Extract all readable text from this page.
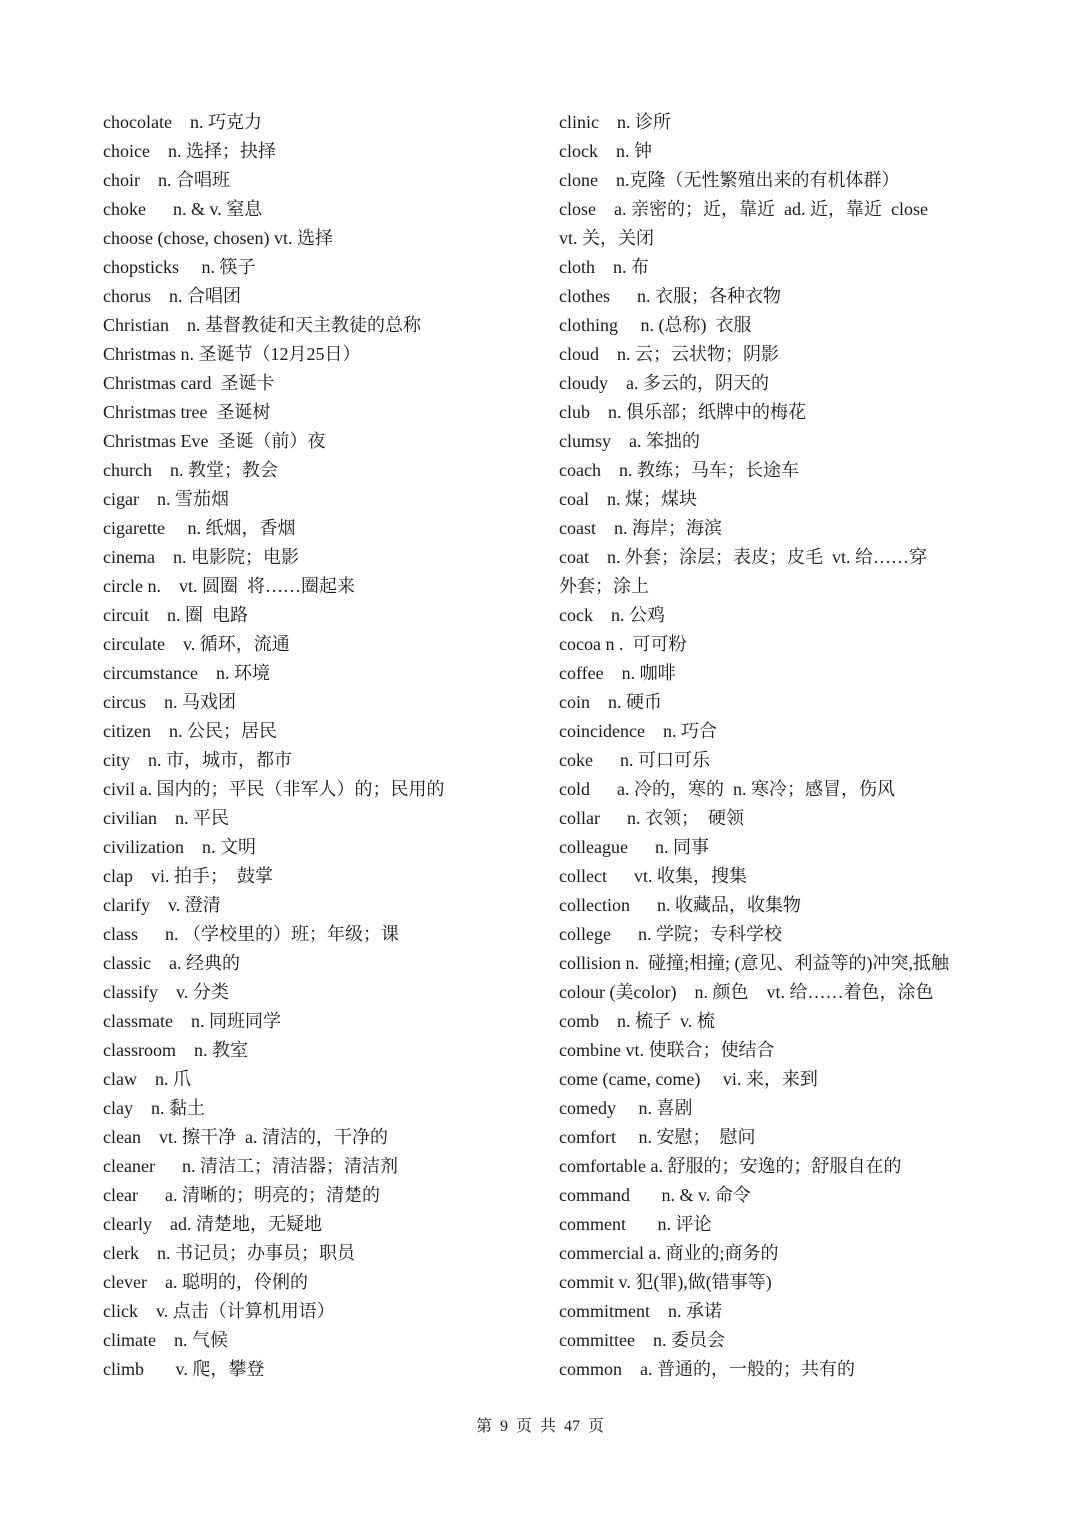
chocolate    n. 巧克力
choice    n. 选择；抉择
choir    n. 合唱班
choke      n. & v. 窒息
choose (chose, chosen) vt. 选择
chopsticks     n. 筷子
chorus    n. 合唱团
Christian    n. 基督教徒和天主教徒的总称
Christmas n. 圣诞节（12月25日）
Christmas card  圣诞卡
Christmas tree  圣诞树
Christmas Eve  圣诞（前）夜
church    n. 教堂；教会
cigar    n. 雪茄烟
cigarette     n. 纸烟，香烟
cinema    n. 电影院；电影
circle n.    vt. 圆圈  将……圈起来
circuit    n. 圈  电路
circulate    v. 循环，流通
circumstance    n. 环境
circus    n. 马戏团
citizen    n. 公民；居民
city    n. 市，城市，都市
civil a. 国内的；平民（非军人）的；民用的
civilian    n. 平民
civilization    n. 文明
clap    vi. 拍手；  鼓掌
clarify    v. 澄清
class      n. （学校里的）班；年级；课
classic    a. 经典的
classify    v. 分类
classmate    n. 同班同学
classroom    n. 教室
claw    n. 爪
clay    n. 黏土
clean    vt. 擦干净  a. 清洁的，干净的
cleaner      n. 清洁工；清洁器；清洁剂
clear      a. 清晰的；明亮的；清楚的
clearly    ad. 清楚地，无疑地
clerk    n. 书记员；办事员；职员
clever    a. 聪明的，伶俐的
click    v. 点击（计算机用语）
climate    n. 气候
climb       v. 爬，攀登
clinic    n. 诊所
clock    n. 钟
clone    n.克隆（无性繁殖出来的有机体群）
close    a. 亲密的；近，靠近  ad. 近，靠近  close
vt. 关，关闭
cloth    n. 布
clothes      n. 衣服；各种衣物
clothing     n. (总称)  衣服
cloud    n. 云；云状物；阴影
cloudy    a. 多云的，阴天的
club    n. 俱乐部；纸牌中的梅花
clumsy    a. 笨拙的
coach    n. 教练；马车；长途车
coal    n. 煤；煤块
coast    n. 海岸；海滨
coat    n. 外套；涂层；表皮；皮毛  vt. 给……穿
外套；涂上
cock    n. 公鸡
cocoa n .  可可粉
coffee    n. 咖啡
coin    n. 硬币
coincidence    n. 巧合
coke      n. 可口可乐
cold      a. 冷的，寒的  n. 寒冷；感冒，伤风
collar      n. 衣领；  硬领
colleague      n. 同事
collect      vt. 收集，搜集
collection      n. 收藏品，收集物
college      n. 学院；专科学校
collision n.  碰撞;相撞; (意见、利益等的)冲突,抵触
colour (美color)    n. 颜色    vt. 给……着色，涂色
comb    n. 梳子  v. 梳
combine vt. 使联合；使结合
come (came, come)     vi. 来，来到
comedy     n. 喜剧
comfort     n. 安慰；  慰问
comfortable a. 舒服的；安逸的；舒服自在的
command       n. & v. 命令
comment       n. 评论
commercial a. 商业的;商务的
commit v. 犯(罪),做(错事等)
commitment    n. 承诺
committee    n. 委员会
common    a. 普通的，一般的；共有的
第  9  页  共  47  页
